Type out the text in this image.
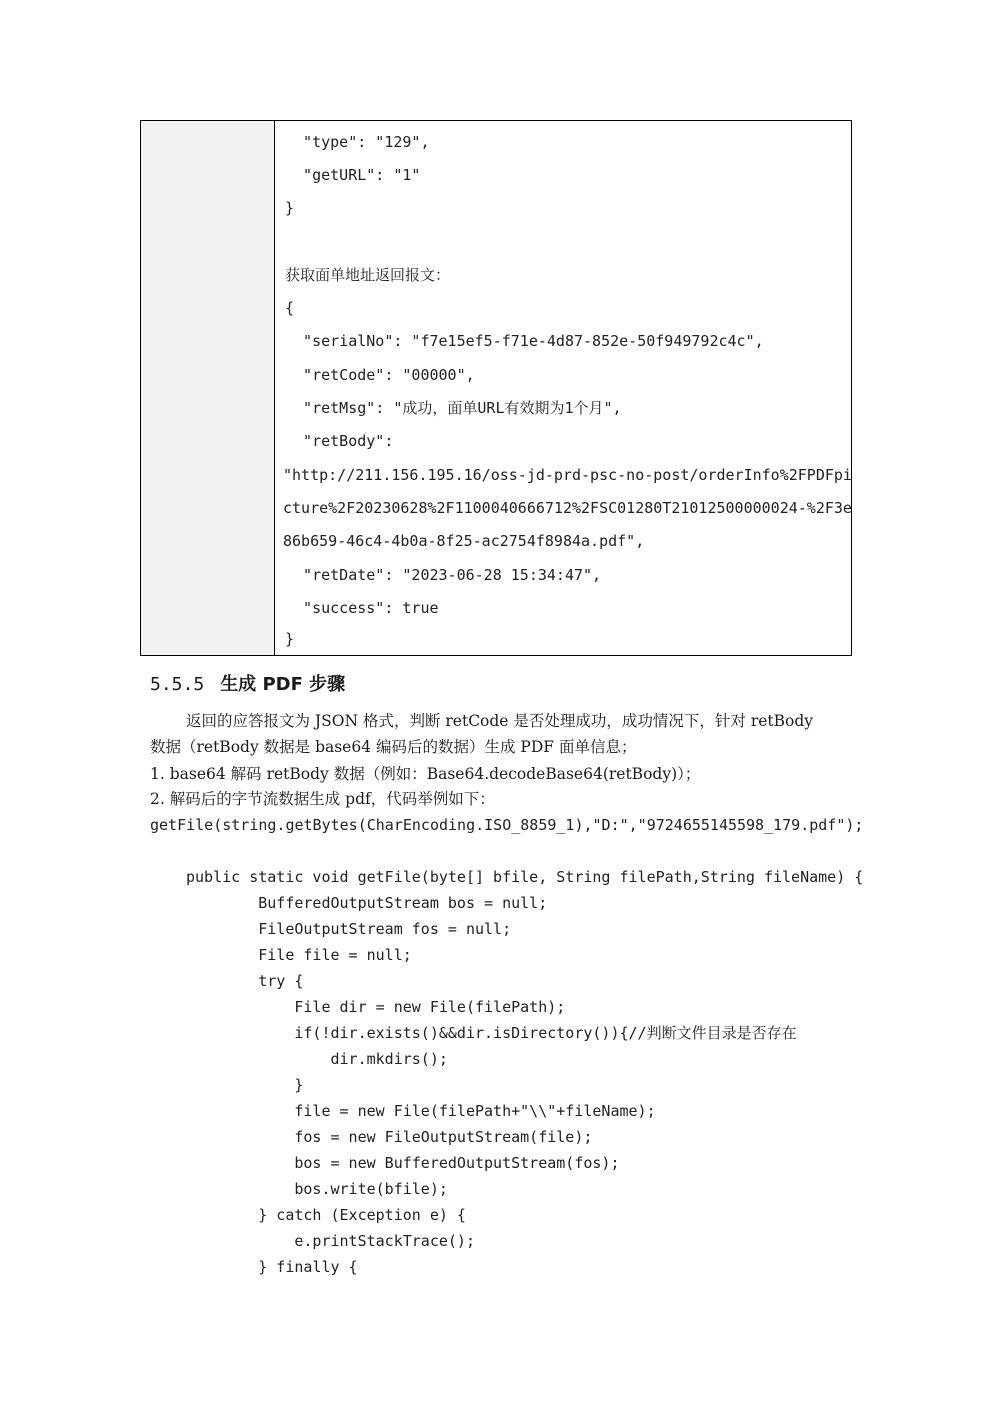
"type": "129",
"getURL": "1"
}
获取面单地址返回报文：
{
"serialNo": "f7e15ef5-f71e-4d87-852e-50f949792c4c",
"retCode": "00000",
"retMsg": "成功，面单URL有效期为1个月",
"retBody":
"http://211.156.195.16/oss-jd-prd-psc-no-post/orderInfo%2FPDFpi
cture%2F20230628%2F1100040666712%2FSC01280T21012500000024-%2F3e
86b659-46c4-4b0a-8f25-ac2754f8984a.pdf",
"retDate": "2023-06-28 15:34:47",
"success": true
}
5.5.5 生成 PDF 步骤
返回的应答报文为 JSON 格式，判断 retCode 是否处理成功，成功情况下，针对 retBody
数据（retBody 数据是 base64 编码后的数据）生成 PDF 面单信息；
1. base64 解码 retBody 数据（例如：Base64.decodeBase64(retBody)）；
2. 解码后的字节流数据生成 pdf，代码举例如下：
getFile(string.getBytes(CharEncoding.ISO_8859_1),"D:","9724655145598_179.pdf");
public static void getFile(byte[] bfile, String filePath,String fileName) {
BufferedOutputStream bos = null;
FileOutputStream fos = null;
File file = null;
try {
File dir = new File(filePath);
if(!dir.exists()&&dir.isDirectory()){//判断文件目录是否存在
dir.mkdirs();
}
file = new File(filePath+"\\"+fileName);
fos = new FileOutputStream(file);
bos = new BufferedOutputStream(fos);
bos.write(bfile);
} catch (Exception e) {
e.printStackTrace();
} finally {
